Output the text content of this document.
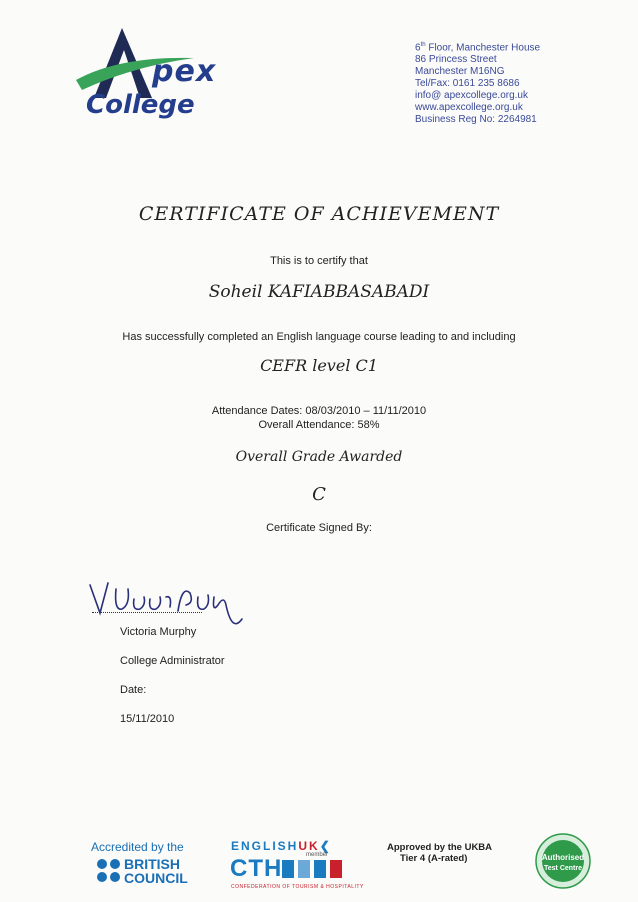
pex
College
6th Floor, Manchester House
86 Princess Street
Manchester M16NG
Tel/Fax: 0161 235 8686
info@ apexcollege.org.uk
www.apexcollege.org.uk
Business Reg No: 2264981
CERTIFICATE OF ACHIEVEMENT
This is to certify that
Soheil KAFIABBASABADI
Has successfully completed an English language course leading to and including
CEFR level C1
Attendance Dates: 08/03/2010 – 11/11/2010
Overall Attendance: 58%
Overall Grade Awarded
C
Certificate Signed By:
Victoria Murphy
College Administrator
Date:
15/11/2010
Accredited by the
BRITISH
COUNCIL
ENGLISHUK❮
member
CTH
CONFEDERATION OF TOURISM & HOSPITALITY
Approved by the UKBA
Tier 4 (A-rated)	Authorised
Test Centre
